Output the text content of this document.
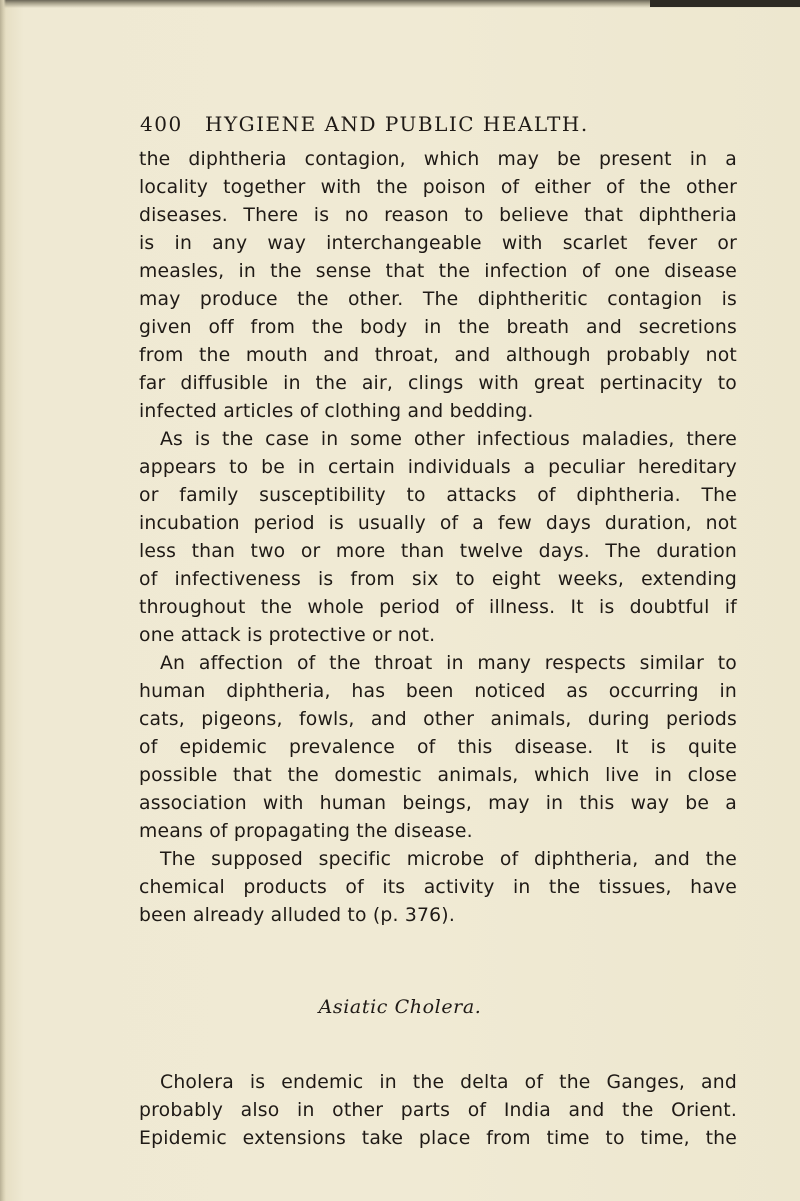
400 HYGIENE AND PUBLIC HEALTH.
the diphtheria contagion, which may be present in a
locality together with the poison of either of the other
diseases. There is no reason to believe that diphtheria
is in any way interchangeable with scarlet fever or
measles, in the sense that the infection of one disease
may produce the other. The diphtheritic contagion is
given off from the body in the breath and secretions
from the mouth and throat, and although probably not
far diffusible in the air, clings with great pertinacity to
infected articles of clothing and bedding.
As is the case in some other infectious maladies, there
appears to be in certain individuals a peculiar hereditary
or family susceptibility to attacks of diphtheria. The
incubation period is usually of a few days duration, not
less than two or more than twelve days. The duration
of infectiveness is from six to eight weeks, extending
throughout the whole period of illness. It is doubtful if
one attack is protective or not.
An affection of the throat in many respects similar to
human diphtheria, has been noticed as occurring in
cats, pigeons, fowls, and other animals, during periods
of epidemic prevalence of this disease. It is quite
possible that the domestic animals, which live in close
association with human beings, may in this way be a
means of propagating the disease.
The supposed specific microbe of diphtheria, and the
chemical products of its activity in the tissues, have
been already alluded to (p. 376).
Asiatic Cholera.
Cholera is endemic in the delta of the Ganges, and
probably also in other parts of India and the Orient.
Epidemic extensions take place from time to time, the
